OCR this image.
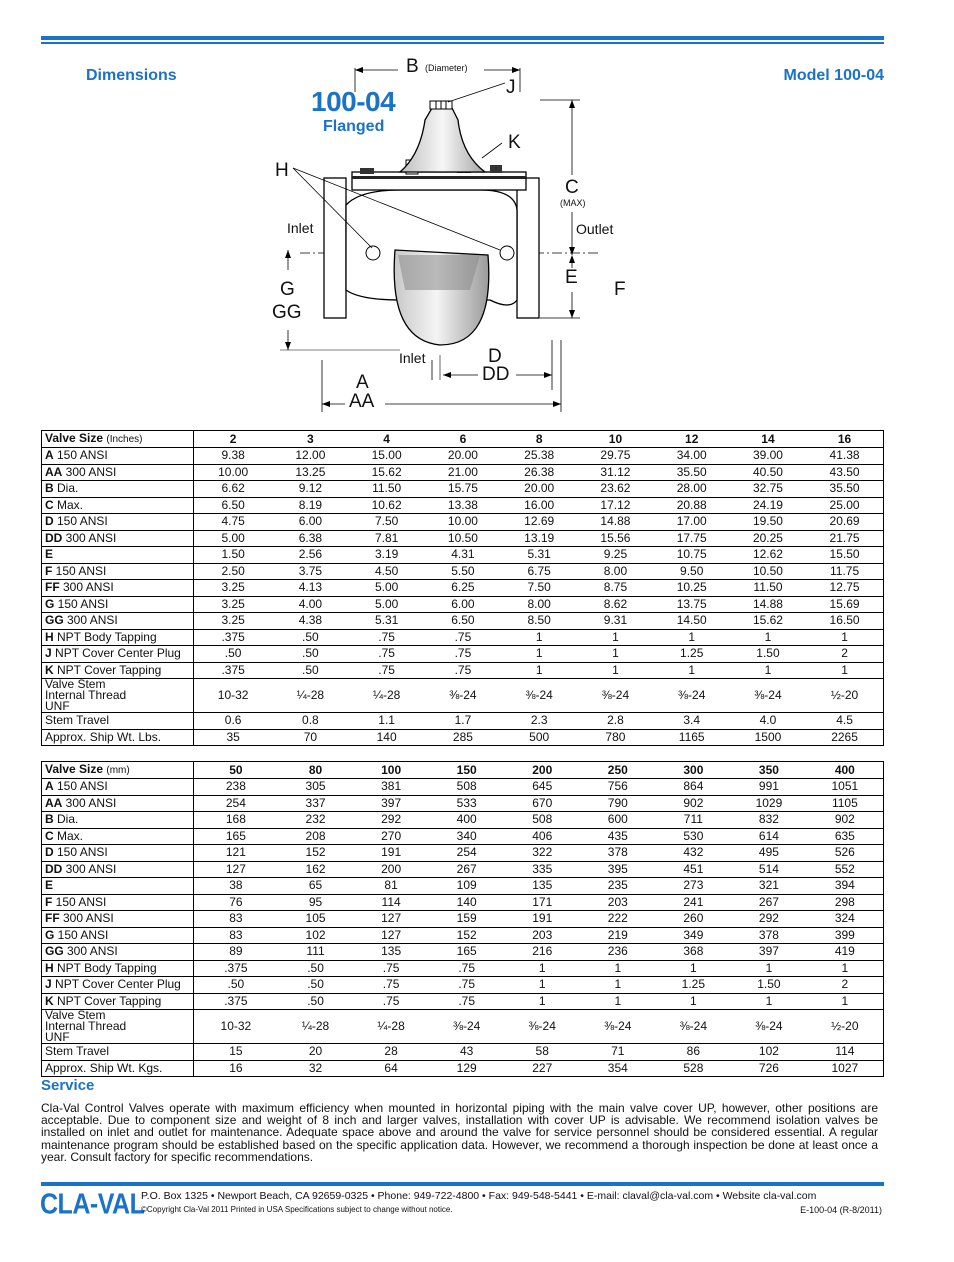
Dimensions	Model 100-04
100-04
Flanged
B (Diameter)
J
K
H
C
(MAX)
Inlet	Outlet
G
GG
E
F
Inlet	D
DD
A
AA
Valve Size (Inches)	2	3	4	6	8	10	12	14	16
A 150 ANSI	9.38	12.00	15.00	20.00	25.38	29.75	34.00	39.00	41.38
AA 300 ANSI	10.00	13.25	15.62	21.00	26.38	31.12	35.50	40.50	43.50
B Dia.	6.62	9.12	11.50	15.75	20.00	23.62	28.00	32.75	35.50
C Max.	6.50	8.19	10.62	13.38	16.00	17.12	20.88	24.19	25.00
D 150 ANSI	4.75	6.00	7.50	10.00	12.69	14.88	17.00	19.50	20.69
DD 300 ANSI	5.00	6.38	7.81	10.50	13.19	15.56	17.75	20.25	21.75
E	1.50	2.56	3.19	4.31	5.31	9.25	10.75	12.62	15.50
F 150 ANSI	2.50	3.75	4.50	5.50	6.75	8.00	9.50	10.50	11.75
FF 300 ANSI	3.25	4.13	5.00	6.25	7.50	8.75	10.25	11.50	12.75
G 150 ANSI	3.25	4.00	5.00	6.00	8.00	8.62	13.75	14.88	15.69
GG 300 ANSI	3.25	4.38	5.31	6.50	8.50	9.31	14.50	15.62	16.50
H NPT Body Tapping	.375	.50	.75	.75	1	1	1	1	1
J NPT Cover Center Plug	.50	.50	.75	.75	1	1	1.25	1.50	2
K NPT Cover Tapping	.375	.50	.75	.75	1	1	1	1	1
Valve Stem Internal Thread UNF	10-32	¼-28	¼-28	⅜-24	⅜-24	⅜-24	⅜-24	⅜-24	½-20
Stem Travel	0.6	0.8	1.1	1.7	2.3	2.8	3.4	4.0	4.5
Approx. Ship Wt. Lbs.	35	70	140	285	500	780	1165	1500	2265
Valve Size (mm)	50	80	100	150	200	250	300	350	400
A 150 ANSI	238	305	381	508	645	756	864	991	1051
AA 300 ANSI	254	337	397	533	670	790	902	1029	1105
B Dia.	168	232	292	400	508	600	711	832	902
C Max.	165	208	270	340	406	435	530	614	635
D 150 ANSI	121	152	191	254	322	378	432	495	526
DD 300 ANSI	127	162	200	267	335	395	451	514	552
E	38	65	81	109	135	235	273	321	394
F 150 ANSI	76	95	114	140	171	203	241	267	298
FF 300 ANSI	83	105	127	159	191	222	260	292	324
G 150 ANSI	83	102	127	152	203	219	349	378	399
GG 300 ANSI	89	111	135	165	216	236	368	397	419
H NPT Body Tapping	.375	.50	.75	.75	1	1	1	1	1
J NPT Cover Center Plug	.50	.50	.75	.75	1	1	1.25	1.50	2
K NPT Cover Tapping	.375	.50	.75	.75	1	1	1	1	1
Valve Stem Internal Thread UNF	10-32	¼-28	¼-28	⅜-24	⅜-24	⅜-24	⅜-24	⅜-24	½-20
Stem Travel	15	20	28	43	58	71	86	102	114
Approx. Ship Wt. Kgs.	16	32	64	129	227	354	528	726	1027
Service
Cla-Val Control Valves operate with maximum efficiency when mounted in horizontal piping with the main valve cover UP, however, other positions are acceptable. Due to component size and weight of 8 inch and larger valves, installation with cover UP is advisable. We recommend isolation valves be installed on inlet and outlet for maintenance. Adequate space above and around the valve for service personnel should be considered essential. A regular maintenance program should be established based on the specific application data. However, we recommend a thorough inspection be done at least once a year. Consult factory for specific recommendations.
CLA-VAL
P.O. Box 1325 • Newport Beach, CA 92659-0325 • Phone: 949-722-4800 • Fax: 949-548-5441 • E-mail: claval@cla-val.com • Website cla-val.com
©Copyright Cla-Val 2011 Printed in USA Specifications subject to change without notice.	E-100-04 (R-8/2011)
